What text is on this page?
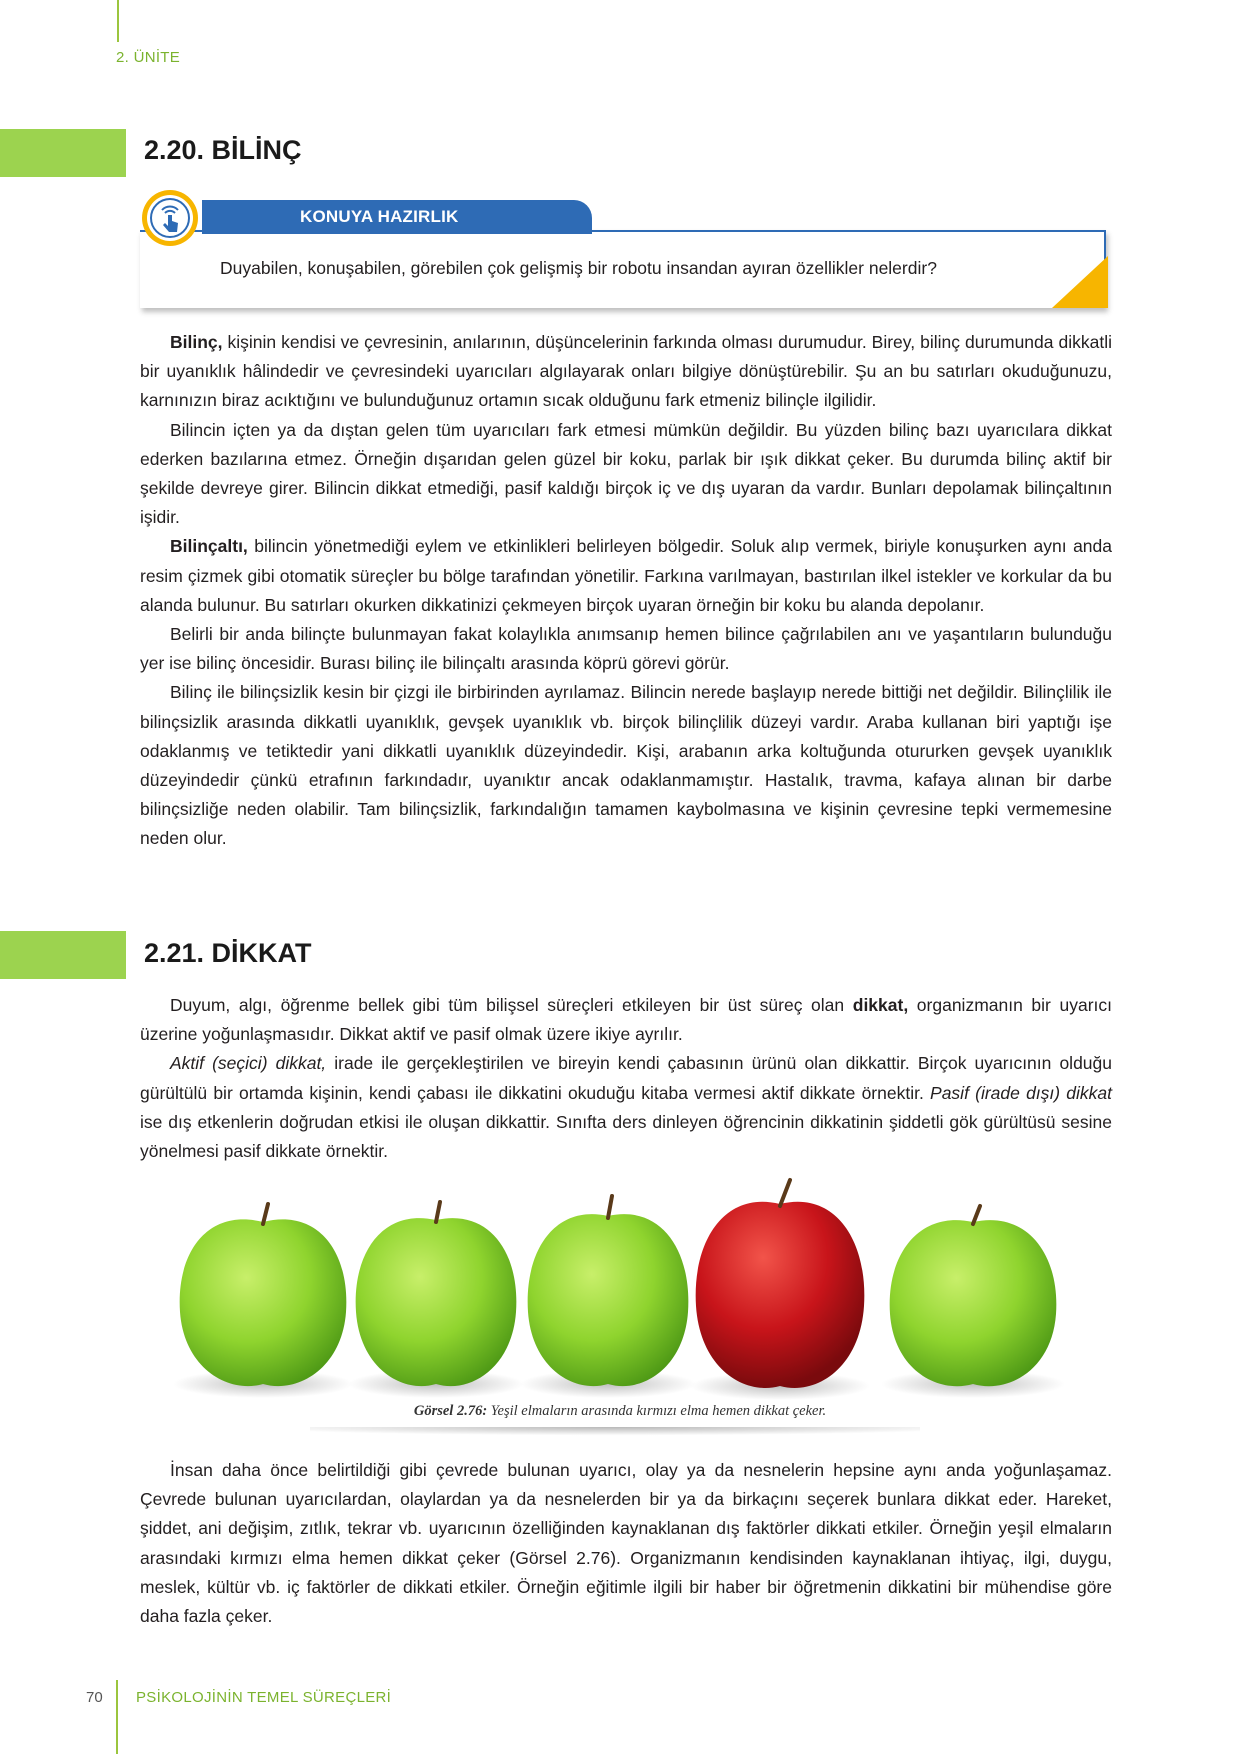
2. ÜNİTE
2.20. BİLİNÇ
KONUYA HAZIRLIK
Duyabilen, konuşabilen, görebilen çok gelişmiş bir robotu insandan ayıran özellikler nelerdir?

Bilinç, kişinin kendisi ve çevresinin, anılarının, düşüncelerinin farkında olması durumudur. Birey, bilinç durumunda dikkatli bir uyanıklık hâlindedir ve çevresindeki uyarıcıları algılayarak onları bilgiye dönüştürebilir. Şu an bu satırları okuduğunuzu, karnınızın biraz acıktığını ve bulunduğunuz ortamın sıcak olduğunu fark etmeniz bilinçle ilgilidir.

Bilincin içten ya da dıştan gelen tüm uyarıcıları fark etmesi mümkün değildir. Bu yüzden bilinç bazı uyarıcılara dikkat ederken bazılarına etmez. Örneğin dışarıdan gelen güzel bir koku, parlak bir ışık dikkat çeker. Bu durumda bilinç aktif bir şekilde devreye girer. Bilincin dikkat etmediği, pasif kaldığı birçok iç ve dış uyaran da vardır. Bunları depolamak bilinçaltının işidir.

Bilinçaltı, bilincin yönetmediği eylem ve etkinlikleri belirleyen bölgedir. Soluk alıp vermek, biriyle konuşurken aynı anda resim çizmek gibi otomatik süreçler bu bölge tarafından yönetilir. Farkına varılmayan, bastırılan ilkel istekler ve korkular da bu alanda bulunur. Bu satırları okurken dikkatinizi çekmeyen birçok uyaran örneğin bir koku bu alanda depolanır.

Belirli bir anda bilinçte bulunmayan fakat kolaylıkla anımsanıp hemen bilince çağrılabilen anı ve yaşantıların bulunduğu yer ise bilinç öncesidir. Burası bilinç ile bilinçaltı arasında köprü görevi görür.

Bilinç ile bilinçsizlik kesin bir çizgi ile birbirinden ayrılamaz. Bilincin nerede başlayıp nerede bittiği net değildir. Bilinçlilik ile bilinçsizlik arasında dikkatli uyanıklık, gevşek uyanıklık vb. birçok bilinçlilik düzeyi vardır. Araba kullanan biri yaptığı işe odaklanmış ve tetiktedir yani dikkatli uyanıklık düzeyindedir. Kişi, arabanın arka koltuğunda otururken gevşek uyanıklık düzeyindedir çünkü etrafının farkındadır, uyanıktır ancak odaklanmamıştır. Hastalık, travma, kafaya alınan bir darbe bilinçsizliğe neden olabilir. Tam bilinçsizlik, farkındalığın tamamen kaybolmasına ve kişinin çevresine tepki vermemesine neden olur.

2.21. DİKKAT

Duyum, algı, öğrenme bellek gibi tüm bilişsel süreçleri etkileyen bir üst süreç olan dikkat, organizmanın bir uyarıcı üzerine yoğunlaşmasıdır. Dikkat aktif ve pasif olmak üzere ikiye ayrılır.

Aktif (seçici) dikkat, irade ile gerçekleştirilen ve bireyin kendi çabasının ürünü olan dikkattir. Birçok uyarıcının olduğu gürültülü bir ortamda kişinin, kendi çabası ile dikkatini okuduğu kitaba vermesi aktif dikkate örnektir. Pasif (irade dışı) dikkat ise dış etkenlerin doğrudan etkisi ile oluşan dikkattir. Sınıfta ders dinleyen öğrencinin dikkatinin şiddetli gök gürültüsü sesine yönelmesi pasif dikkate örnektir.

Görsel 2.76: Yeşil elmaların arasında kırmızı elma hemen dikkat çeker.

İnsan daha önce belirtildiği gibi çevrede bulunan uyarıcı, olay ya da nesnelerin hepsine aynı anda yoğunlaşamaz. Çevrede bulunan uyarıcılardan, olaylardan ya da nesnelerden bir ya da birkaçını seçerek bunlara dikkat eder. Hareket, şiddet, ani değişim, zıtlık, tekrar vb. uyarıcının özelliğinden kaynaklanan dış faktörler dikkati etkiler. Örneğin yeşil elmaların arasındaki kırmızı elma hemen dikkat çeker (Görsel 2.76). Organizmanın kendisinden kaynaklanan ihtiyaç, ilgi, duygu, meslek, kültür vb. iç faktörler de dikkati etkiler. Örneğin eğitimle ilgili bir haber bir öğretmenin dikkatini bir mühendise göre daha fazla çeker.

70 PSİKOLOJİNİN TEMEL SÜREÇLERİ
